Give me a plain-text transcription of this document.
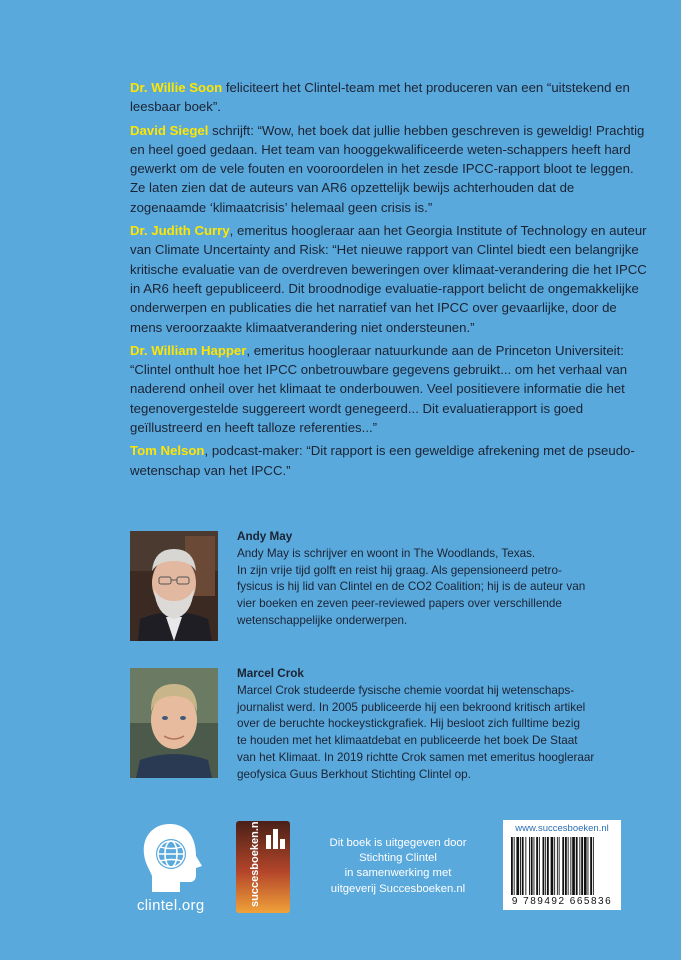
Dr. Willie Soon

feliciteert het Clintel-team met het produceren van een “uitstekend en leesbaar boek”.

David Siegel

schrijft: “Wow, het boek dat jullie hebben geschreven is geweldig! Prachtig en heel goed gedaan. Het team van hooggekwalificeerde weten-schappers heeft hard gewerkt om de vele fouten en vooroordelen in het zesde IPCC-rapport bloot te leggen. Ze laten zien dat de auteurs van AR6 opzettelijk bewijs achterhouden dat de zogenaamde ‘klimaatcrisis’ helemaal geen crisis is.”

Dr. Judith Curry

, emeritus hoogleraar aan het Georgia Institute of Technology en auteur van Climate Uncertainty and Risk: “Het nieuwe rapport van Clintel biedt een belangrijke kritische evaluatie van de overdreven beweringen over klimaat-verandering die het IPCC in AR6 heeft gepubliceerd. Dit broodnodige evaluatie-rapport belicht de ongemakkelijke onderwerpen en publicaties die het narratief van het IPCC over gevaarlijke, door de mens veroorzaakte klimaatverandering niet ondersteunen.”

Dr. William Happer

, emeritus hoogleraar natuurkunde aan de Princeton Universiteit: “Clintel onthult hoe het IPCC onbetrouwbare gegevens gebruikt... om het verhaal van naderend onheil over het klimaat te onderbouwen. Veel positievere informatie die het tegenovergestelde suggereert wordt genegeerd... Dit evaluatierapport is goed geïllustreerd en heeft talloze referenties...”

Tom Nelson

, podcast-maker: “Dit rapport is een geweldige afrekening met de pseudo-wetenschap van het IPCC.”

Andy May
Andy May is schrijver en woont in The Woodlands, Texas.
In zijn vrije tijd golft en reist hij graag. Als gepensioneerd petro-
fysicus is hij lid van Clintel en de CO2 Coalition; hij is de auteur van
vier boeken en zeven peer-reviewed papers over verschillende
wetenschappelijke onderwerpen.
Marcel Crok
Marcel Crok studeerde fysische chemie voordat hij wetenschaps-
journalist werd. In 2005 publiceerde hij een bekroond kritisch artikel
over de beruchte hockeystickgrafiek. Hij besloot zich fulltime bezig
te houden met het klimaatdebat en publiceerde het boek De Staat
van het Klimaat. In 2019 richtte Crok samen met emeritus hoogleraar
geofysica Guus Berkhout Stichting Clintel op.
clintel.org	succesboeken.nl	Dit boek is uitgegeven door
Stichting Clintel
in samenwerking met
uitgeverij Succesboeken.nl
www.succesboeken.nl
9 789492 665836
